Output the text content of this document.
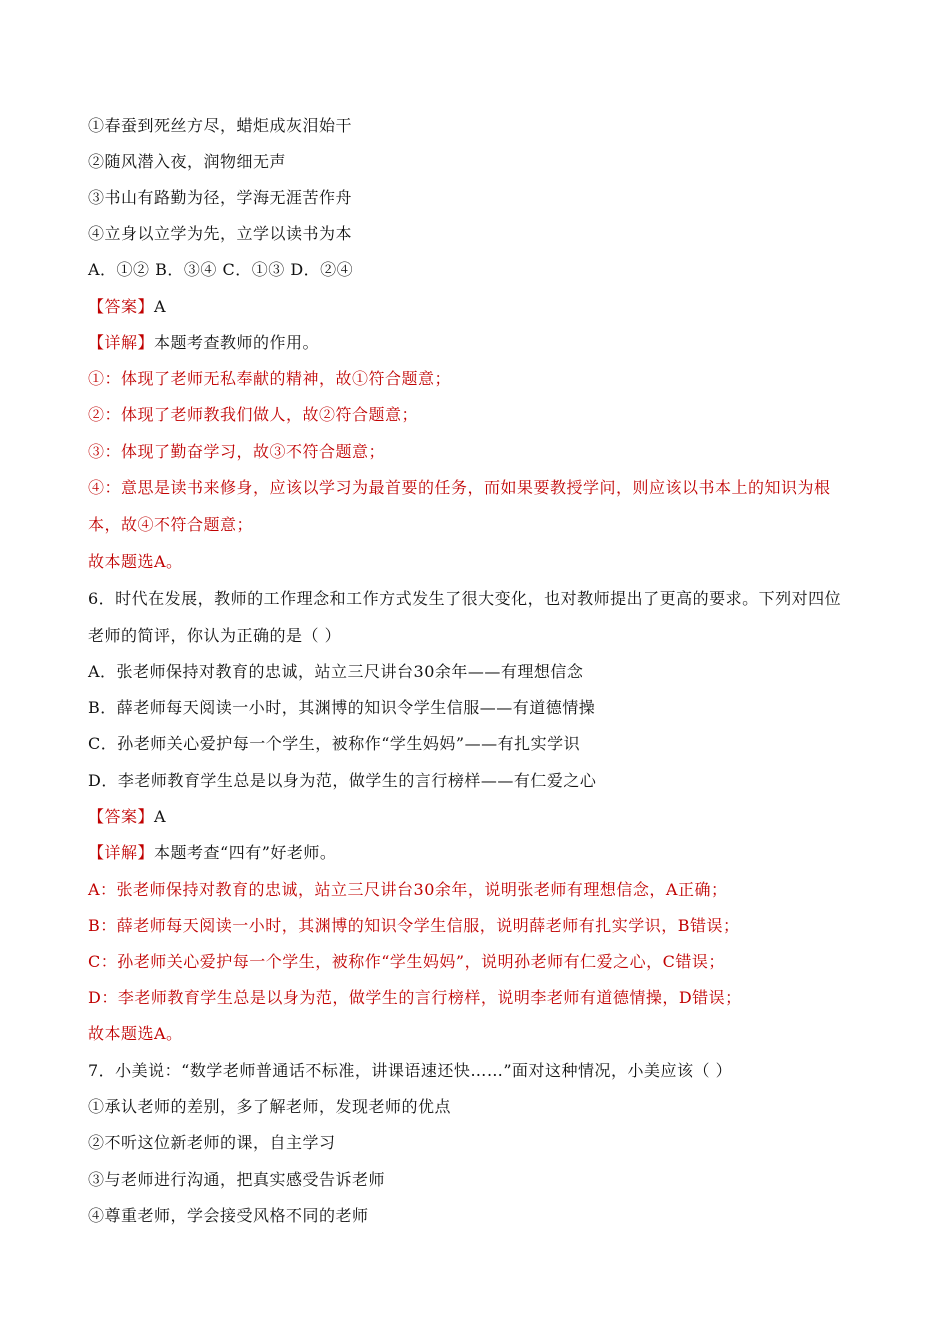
①春蚕到死丝方尽，蜡炬成灰泪始干
②随风潜入夜，润物细无声
③书山有路勤为径，学海无涯苦作舟
④立身以立学为先，立学以读书为本
A．①② B．③④ C．①③ D．②④
【答案】A
【详解】本题考查教师的作用。
①：体现了老师无私奉献的精神，故①符合题意；
②：体现了老师教我们做人，故②符合题意；
③：体现了勤奋学习，故③不符合题意；
④：意思是读书来修身，应该以学习为最首要的任务，而如果要教授学问，则应该以书本上的知识为根
本，故④不符合题意；
故本题选A。
6．时代在发展，教师的工作理念和工作方式发生了很大变化，也对教师提出了更高的要求。下列对四位
老师的简评，你认为正确的是（ ）
A．张老师保持对教育的忠诚，站立三尺讲台30余年——有理想信念
B．薛老师每天阅读一小时，其渊博的知识令学生信服——有道德情操
C．孙老师关心爱护每一个学生，被称作“学生妈妈”——有扎实学识
D．李老师教育学生总是以身为范，做学生的言行榜样——有仁爱之心
【答案】A
【详解】本题考查“四有”好老师。
A：张老师保持对教育的忠诚，站立三尺讲台30余年，说明张老师有理想信念，A正确；
B：薛老师每天阅读一小时，其渊博的知识令学生信服，说明薛老师有扎实学识，B错误；
C：孙老师关心爱护每一个学生，被称作“学生妈妈”，说明孙老师有仁爱之心，C错误；
D：李老师教育学生总是以身为范，做学生的言行榜样，说明李老师有道德情操，D错误；
故本题选A。
7．小美说：“数学老师普通话不标准，讲课语速还快……”面对这种情况，小美应该（ ）
①承认老师的差别，多了解老师，发现老师的优点
②不听这位新老师的课，自主学习
③与老师进行沟通，把真实感受告诉老师
④尊重老师，学会接受风格不同的老师
